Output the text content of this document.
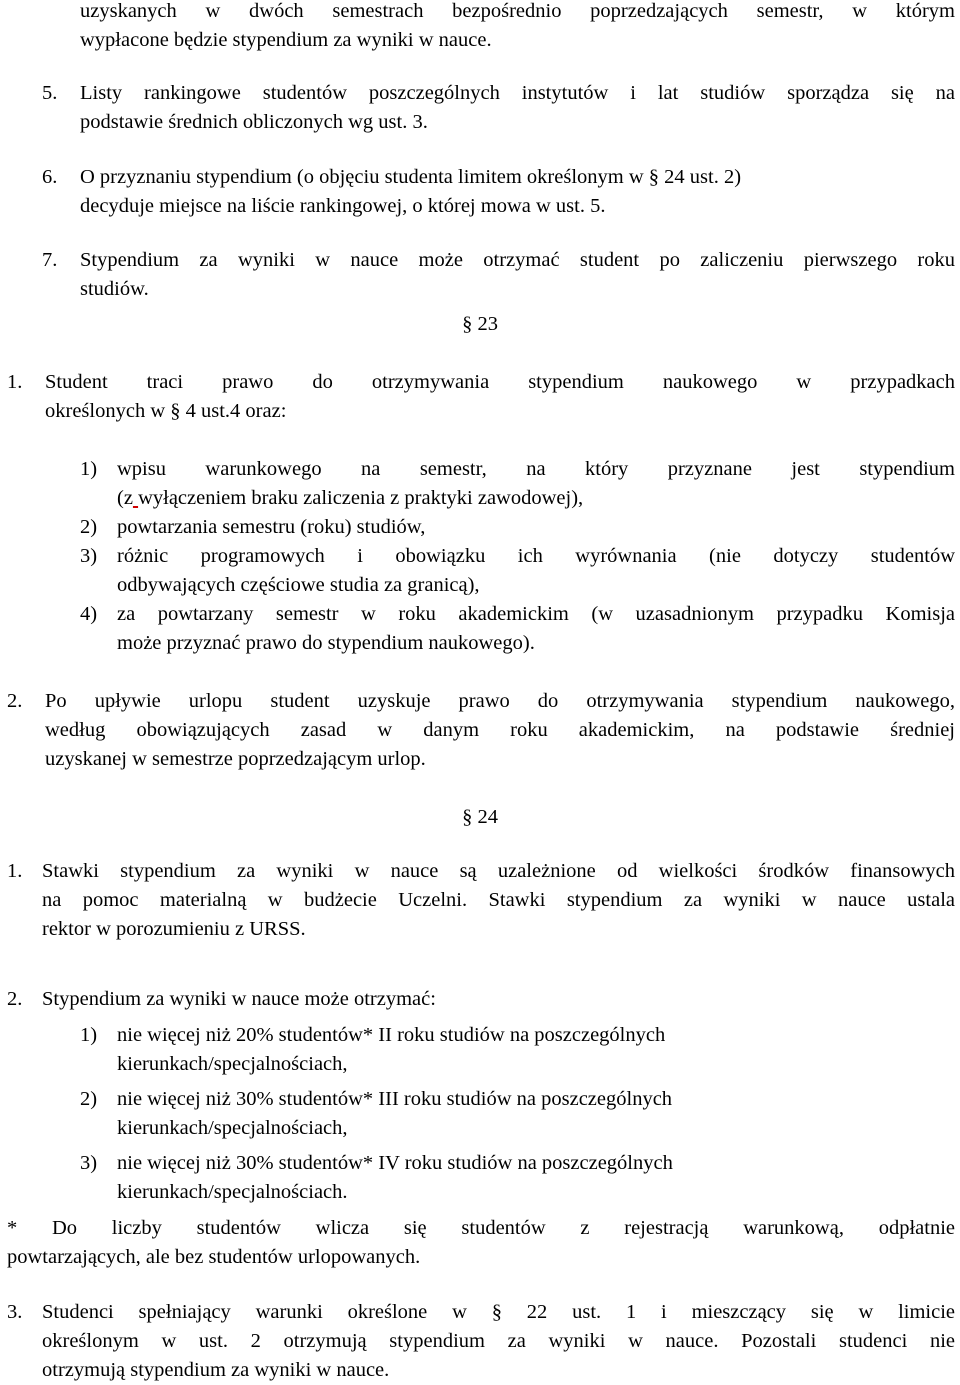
uzyskanych w dwóch semestrach bezpośrednio poprzedzających semestr, w którym
wypłacone będzie stypendium za wyniki w nauce.
5. Listy rankingowe studentów poszczególnych instytutów i lat studiów sporządza się na
podstawie średnich obliczonych wg ust. 3.
6. O przyznaniu stypendium (o objęciu studenta limitem określonym w § 24 ust. 2)
decyduje miejsce na liście rankingowej, o której mowa w ust. 5.
7. Stypendium za wyniki w nauce może otrzymać student po zaliczeniu pierwszego roku
studiów.
§ 23
1. Student traci prawo do otrzymywania stypendium naukowego w przypadkach
określonych w § 4 ust.4 oraz:
1) wpisu warunkowego na semestr, na który przyznane jest stypendium
(z wyłączeniem braku zaliczenia z praktyki zawodowej),
2) powtarzania semestru (roku) studiów,
3) różnic programowych i obowiązku ich wyrównania (nie dotyczy studentów
odbywających częściowe studia za granicą),
4) za powtarzany semestr w roku akademickim (w uzasadnionym przypadku Komisja
może przyznać prawo do stypendium naukowego).
2. Po upływie urlopu student uzyskuje prawo do otrzymywania stypendium naukowego,
według obowiązujących zasad w danym roku akademickim, na podstawie średniej
uzyskanej w semestrze poprzedzającym urlop.
§ 24
1. Stawki stypendium za wyniki w nauce są uzależnione od wielkości środków finansowych
na pomoc materialną w budżecie Uczelni. Stawki stypendium za wyniki w nauce ustala
rektor w porozumieniu z URSS.
2. Stypendium za wyniki w nauce może otrzymać:
1) nie więcej niż 20% studentów* II roku studiów na poszczególnych
kierunkach/specjalnościach,
2) nie więcej niż 30% studentów* III roku studiów na poszczególnych
kierunkach/specjalnościach,
3) nie więcej niż 30% studentów* IV roku studiów na poszczególnych
kierunkach/specjalnościach.
* Do liczby studentów wlicza się studentów z rejestracją warunkową, odpłatnie
powtarzających, ale bez studentów urlopowanych.
3. Studenci spełniający warunki określone w § 22 ust. 1 i mieszczący się w limicie
określonym w ust. 2 otrzymują stypendium za wyniki w nauce. Pozostali studenci nie
otrzymują stypendium za wyniki w nauce.
